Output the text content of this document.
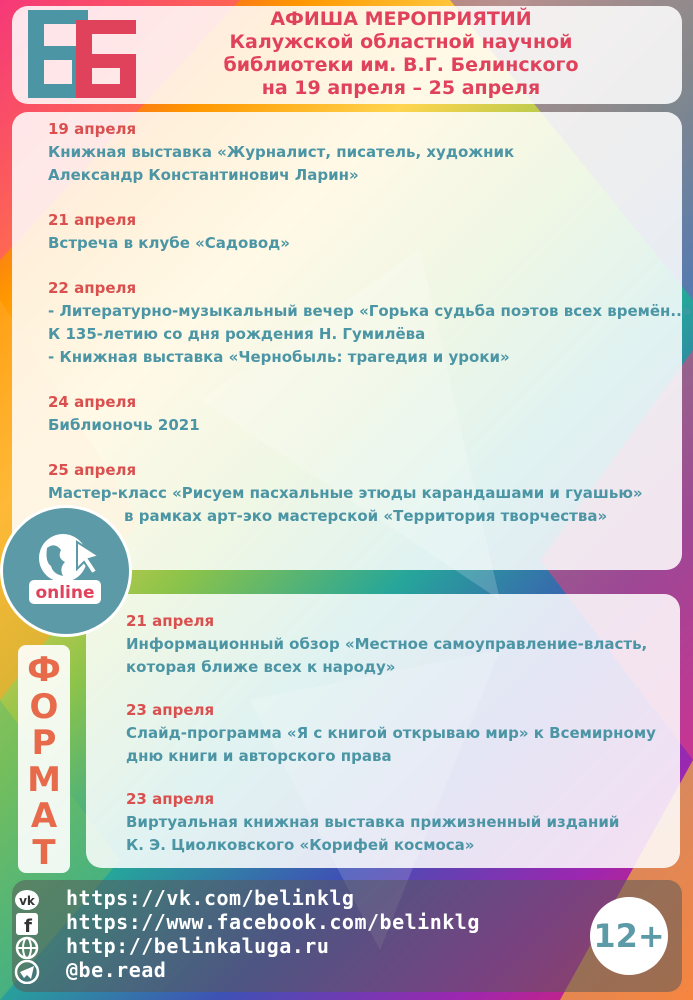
АФИША МЕРОПРИЯТИЙ
Калужской областной научной
библиотеки им. В.Г. Белинского
на 19 апреля – 25 апреля
19 апреля
Книжная выставка «Журналист, писатель, художник
Александр Константинович Ларин»
21 апреля
Встреча в клубе «Садовод»
22 апреля
- Литературно-музыкальный вечер «Горька судьба поэтов всех времён..»
К 135-летию со дня рождения Н. Гумилёва
- Книжная выставка «Чернобыль: трагедия и уроки»
24 апреля
Библионочь 2021
25 апреля
Мастер-класс «Рисуем пасхальные этюды карандашами и гуашью»
в рамках арт-эко мастерской «Территория творчества»
online
Ф
О
Р
М
А
Т
21 апреля
Информационный обзор «Местное самоуправление-власть,
которая ближе всех к народу»
23 апреля
Слайд-программа «Я с книгой открываю мир» к Всемирному
дню книги и авторского права
23 апреля
Виртуальная книжная выставка прижизненный изданий
К. Э. Циолковского «Корифей космоса»
vk https://vk.com/belinklg
f https://www.facebook.com/belinklg
http://belinkaluga.ru
@be.read
12+
